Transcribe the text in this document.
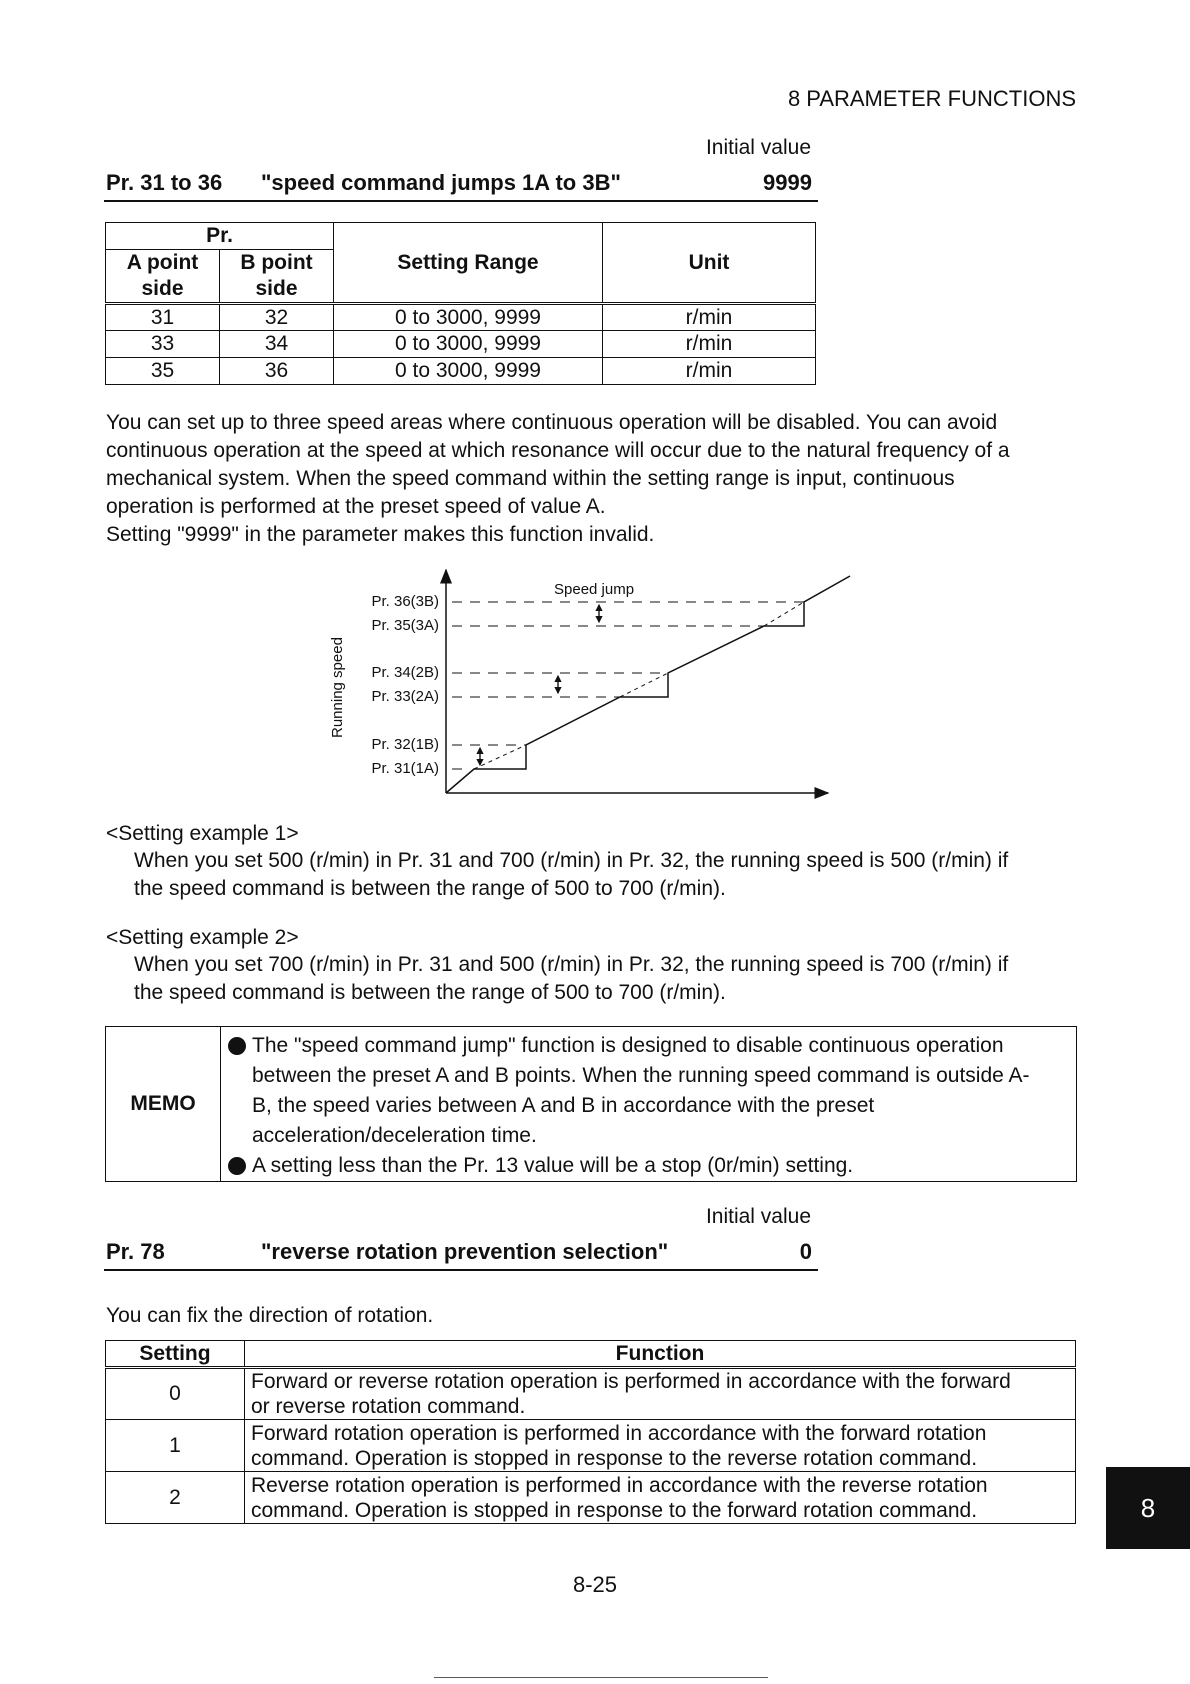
8 PARAMETER FUNCTIONS
Initial value
Pr. 31 to 36 "speed command jumps 1A to 3B"	9999
Pr.		Setting Range	Unit
A point side	B point side		
31	32	0 to 3000, 9999	r/min
33	34	0 to 3000, 9999	r/min
35	36	0 to 3000, 9999	r/min
You can set up to three speed areas where continuous operation will be disabled. You can avoid
continuous operation at the speed at which resonance will occur due to the natural frequency of a
mechanical system. When the speed command within the setting range is input, continuous
operation is performed at the preset speed of value A.
Setting "9999" in the parameter makes this function invalid.
Running speed
Pr. 36(3B)
Pr. 35(3A)
Pr. 34(2B)
Pr. 33(2A)
Pr. 32(1B)
Pr. 31(1A)
Speed jump
<Setting example 1>
When you set 500 (r/min) in Pr. 31 and 700 (r/min) in Pr. 32, the running speed is 500 (r/min) if
the speed command is between the range of 500 to 700 (r/min).
<Setting example 2>
When you set 700 (r/min) in Pr. 31 and 500 (r/min) in Pr. 32, the running speed is 700 (r/min) if
the speed command is between the range of 500 to 700 (r/min).
MEMO
The "speed command jump" function is designed to disable continuous operation
between the preset A and B points. When the running speed command is outside A-
B, the speed varies between A and B in accordance with the preset
acceleration/deceleration time.
A setting less than the Pr. 13 value will be a stop (0r/min) setting.
Initial value
Pr. 78	"reverse rotation prevention selection"	0
You can fix the direction of rotation.
Setting	Function
0	Forward or reverse rotation operation is performed in accordance with the forward
or reverse rotation command.

1	Forward rotation operation is performed in accordance with the forward rotation
command. Operation is stopped in response to the reverse rotation command.

2	Reverse rotation operation is performed in accordance with the reverse rotation
command. Operation is stopped in response to the forward rotation command.	8
8-25
